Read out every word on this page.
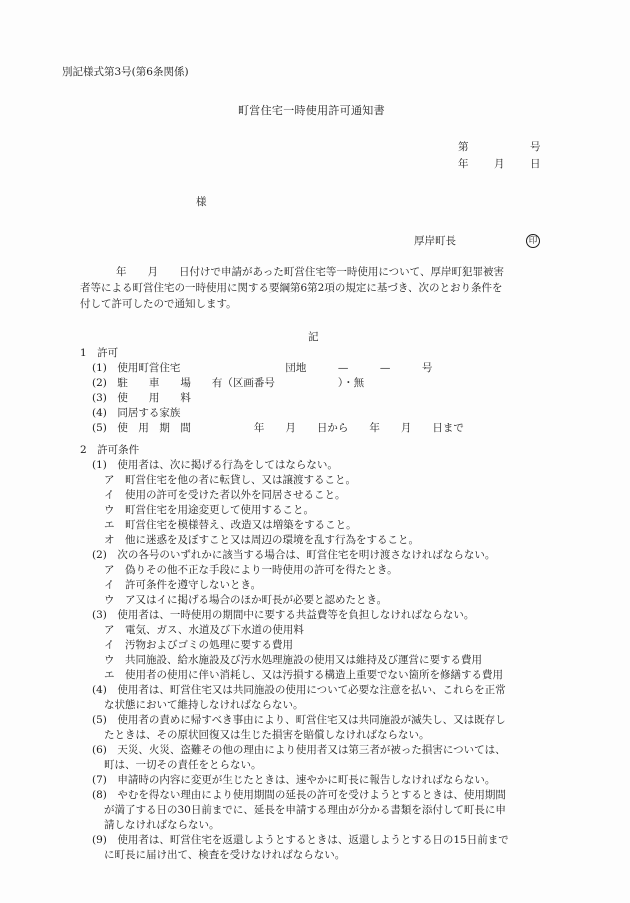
別記様式第3号(第6条関係)
町営住宅一時使用許可通知書
第	号
年 月 日
様
厚岸町長	印
年　　月　　日付けで申請があった町営住宅等一時使用について、厚岸町犯罪被害
者等による町営住宅の一時使用に関する要綱第6第2項の規定に基づき、次のとおり条件を
付して許可したので通知します。
記
1　許可
(1)　使用町営住宅　　　　　　　　　　団地　　　—　　　—　　　号
(2)　駐　　車　　場　　有（区画番号　　　　　　）・無
(3)　使　　用　　料
(4)　同居する家族
(5)　使　用　期　間　　　　　　年　　月　　日から　　年　　月　　日まで
2　許可条件
(1)　使用者は、次に掲げる行為をしてはならない。
ア　町営住宅を他の者に転貸し、又は譲渡すること。
イ　使用の許可を受けた者以外を同居させること。
ウ　町営住宅を用途変更して使用すること。
エ　町営住宅を模様替え、改造又は増築をすること。
オ　他に迷惑を及ぼすこと又は周辺の環境を乱す行為をすること。
(2)　次の各号のいずれかに該当する場合は、町営住宅を明け渡さなければならない。
ア　偽りその他不正な手段により一時使用の許可を得たとき。
イ　許可条件を遵守しないとき。
ウ　ア又はイに掲げる場合のほか町長が必要と認めたとき。
(3)　使用者は、一時使用の期間中に要する共益費等を負担しなければならない。
ア　電気、ガス、水道及び下水道の使用料
イ　汚物およびゴミの処理に要する費用
ウ　共同施設、給水施設及び汚水処理施設の使用又は維持及び運営に要する費用
エ　使用者の使用に伴い消耗し、又は汚損する構造上重要でない箇所を修繕する費用
(4)　使用者は、町営住宅又は共同施設の使用について必要な注意を払い、これらを正常
な状態において維持しなければならない。
(5)　使用者の責めに帰すべき事由により、町営住宅又は共同施設が滅失し、又は既存し
たときは、その原状回復又は生じた損害を賠償しなければならない。
(6)　天災、火災、盗難その他の理由により使用者又は第三者が被った損害については、
町は、一切その責任をとらない。
(7)　申請時の内容に変更が生じたときは、速やかに町長に報告しなければならない。
(8)　やむを得ない理由により使用期間の延長の許可を受けようとするときは、使用期間
が満了する日の30日前までに、延長を申請する理由が分かる書類を添付して町長に申
請しなければならない。
(9)　使用者は、町営住宅を返還しようとするときは、返還しようとする日の15日前まで
に町長に届け出て、検査を受けなければならない。
